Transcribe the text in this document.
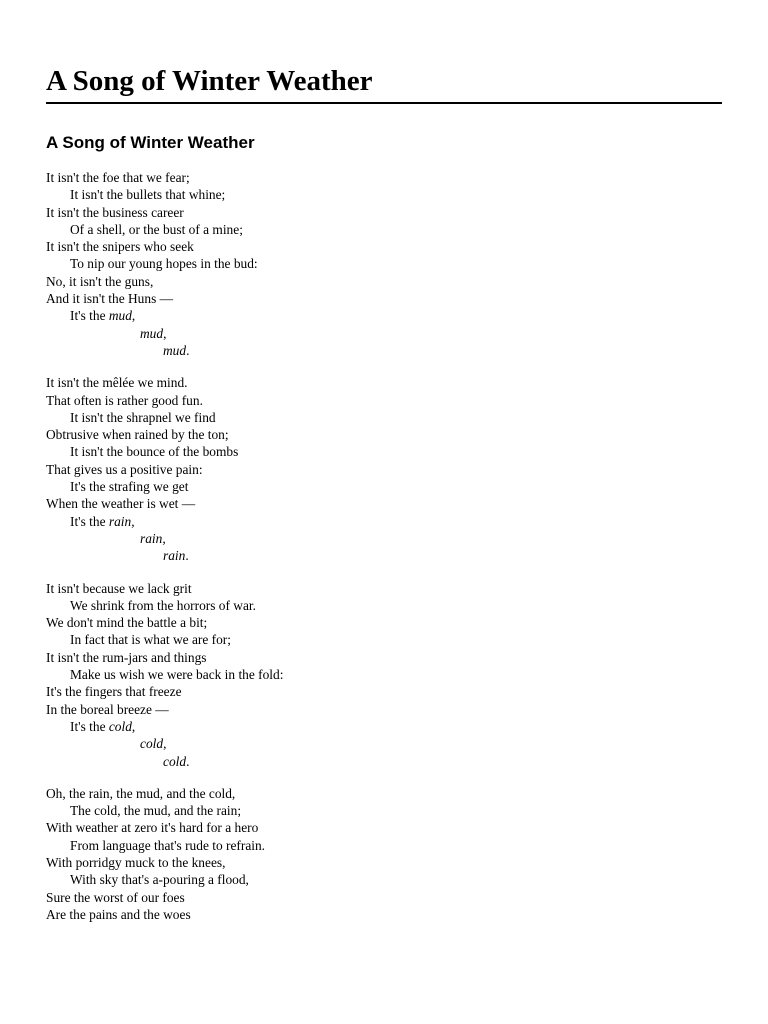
A Song of Winter Weather
A Song of Winter Weather
It isn't the foe that we fear;
It isn't the bullets that whine;
It isn't the business career
Of a shell, or the bust of a mine;
It isn't the snipers who seek
To nip our young hopes in the bud:
No, it isn't the guns,
And it isn't the Huns —
It's the mud,
mud,
mud.
It isn't the mêlée we mind.
That often is rather good fun.
It isn't the shrapnel we find
Obtrusive when rained by the ton;
It isn't the bounce of the bombs
That gives us a positive pain:
It's the strafing we get
When the weather is wet —
It's the rain,
rain,
rain.
It isn't because we lack grit
We shrink from the horrors of war.
We don't mind the battle a bit;
In fact that is what we are for;
It isn't the rum-jars and things
Make us wish we were back in the fold:
It's the fingers that freeze
In the boreal breeze —
It's the cold,
cold,
cold.
Oh, the rain, the mud, and the cold,
The cold, the mud, and the rain;
With weather at zero it's hard for a hero
From language that's rude to refrain.
With porridgy muck to the knees,
With sky that's a-pouring a flood,
Sure the worst of our foes
Are the pains and the woes
